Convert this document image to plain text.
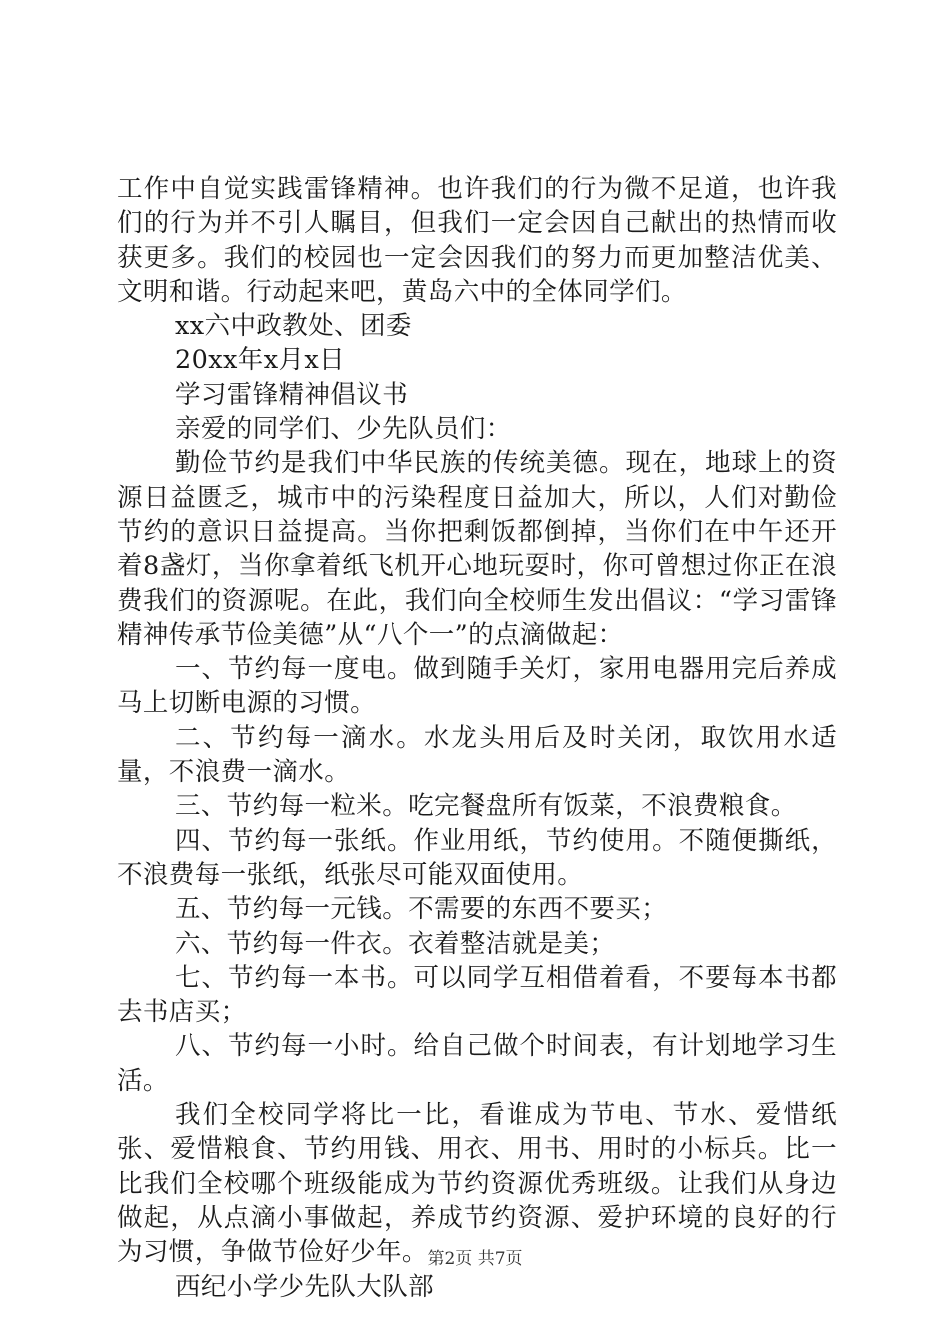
工作中自觉实践雷锋精神。也许我们的行为微不足道，也许我们的行为并不引人瞩目，但我们一定会因自己献出的热情而收获更多。我们的校园也一定会因我们的努力而更加整洁优美、文明和谐。行动起来吧，黄岛六中的全体同学们。

xx六中政教处、团委

20xx年x月x日

学习雷锋精神倡议书

亲爱的同学们、少先队员们：

勤俭节约是我们中华民族的传统美德。现在，地球上的资源日益匮乏，城市中的污染程度日益加大，所以，人们对勤俭节约的意识日益提高。当你把剩饭都倒掉，当你们在中午还开着8盏灯，当你拿着纸飞机开心地玩耍时，你可曾想过你正在浪费我们的资源呢。在此，我们向全校师生发出倡议：“学习雷锋精神传承节俭美德”从“八个一”的点滴做起：

一、节约每一度电。做到随手关灯，家用电器用完后养成马上切断电源的习惯。

二、节约每一滴水。水龙头用后及时关闭，取饮用水适量，不浪费一滴水。

三、节约每一粒米。吃完餐盘所有饭菜，不浪费粮食。

四、节约每一张纸。作业用纸，节约使用。不随便撕纸，不浪费每一张纸，纸张尽可能双面使用。

五、节约每一元钱。不需要的东西不要买；

六、节约每一件衣。衣着整洁就是美；

七、节约每一本书。可以同学互相借着看，不要每本书都去书店买；

八、节约每一小时。给自己做个时间表，有计划地学习生活。

我们全校同学将比一比，看谁成为节电、节水、爱惜纸张、爱惜粮食、节约用钱、用衣、用书、用时的小标兵。比一比我们全校哪个班级能成为节约资源优秀班级。让我们从身边做起，从点滴小事做起，养成节约资源、爱护环境的良好的行为习惯，争做节俭好少年。

西纪小学少先队大队部

第2页 共7页
